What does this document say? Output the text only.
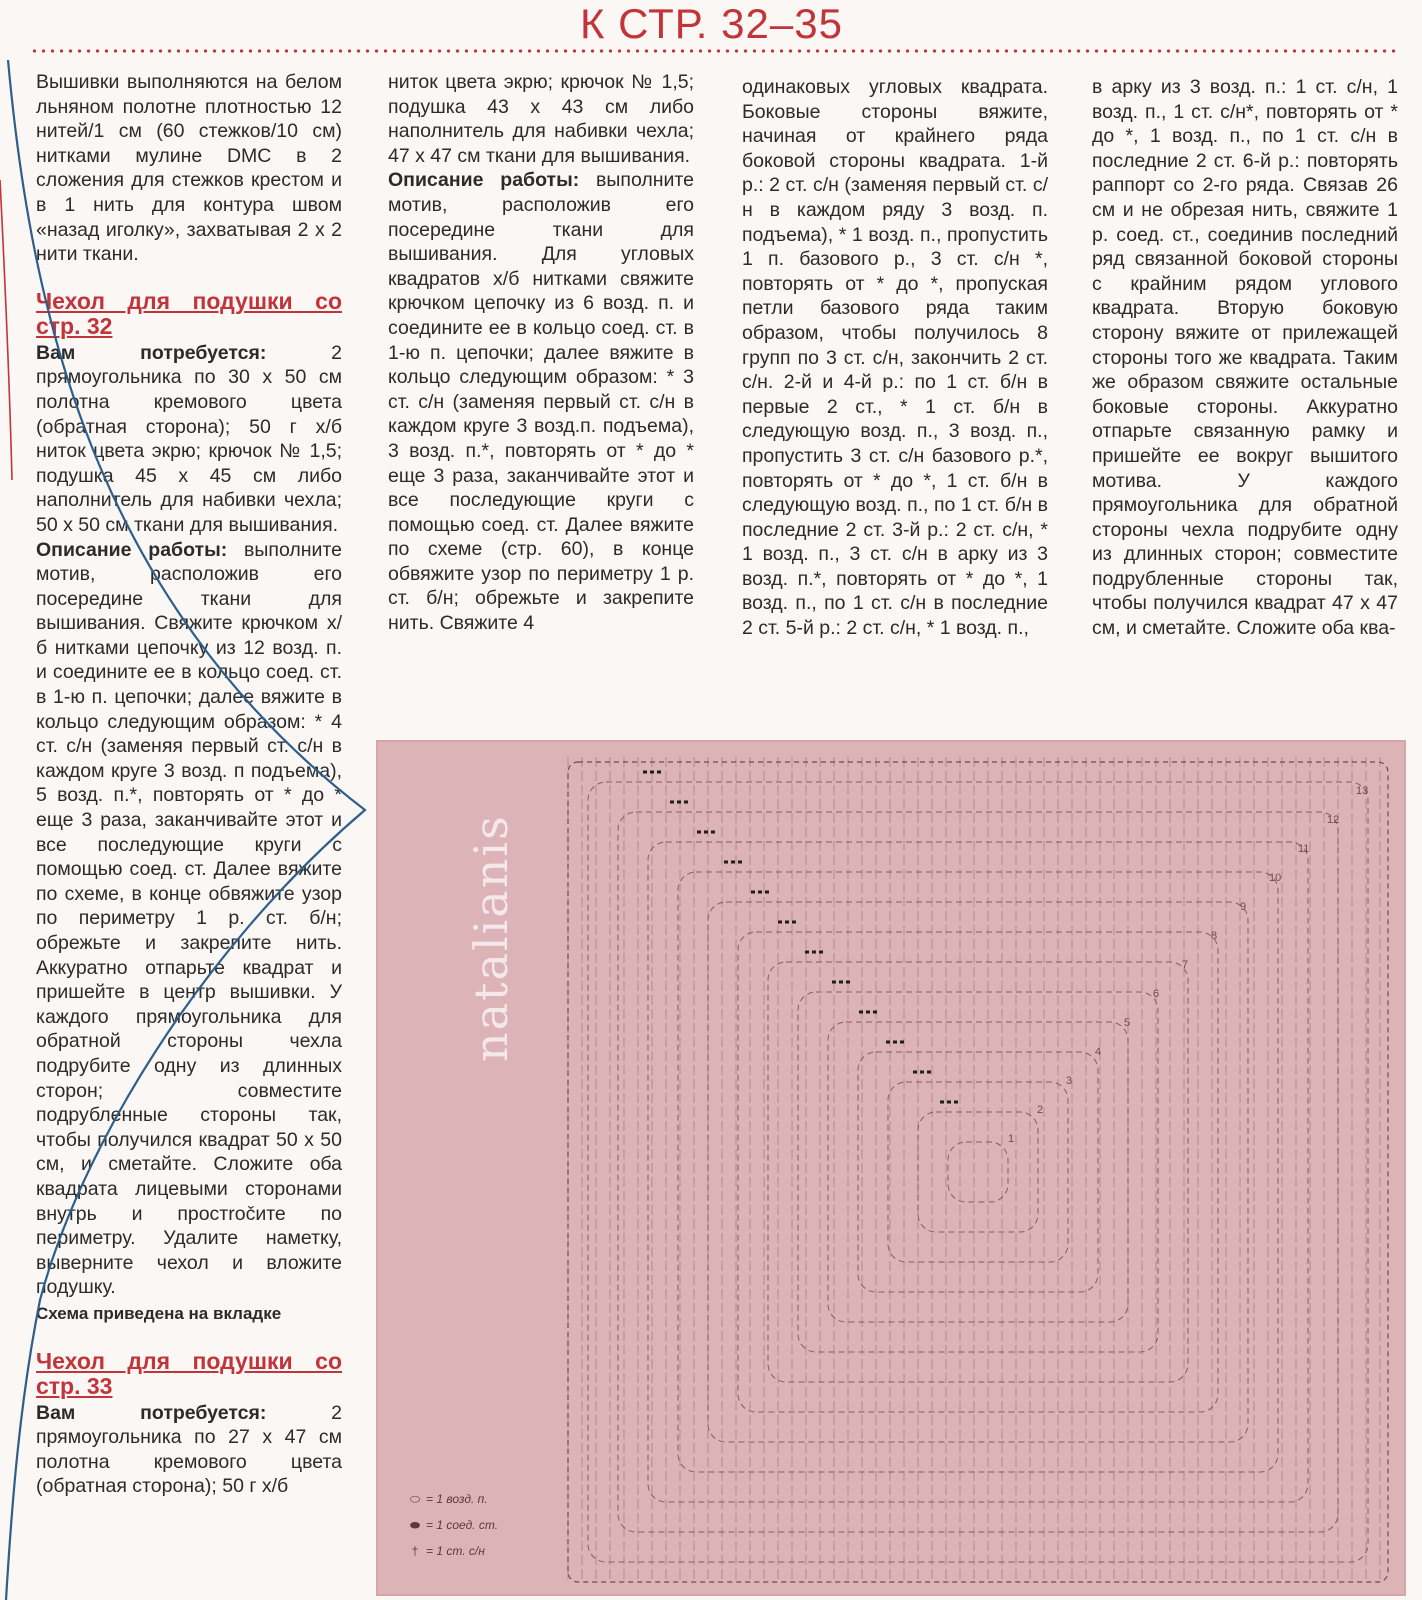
К СТР. 32–35

Вышивки выполняются на белом льняном полотне плотностью 12 нитей/1 см (60 стежков/10 см) нитками мулине DMC в 2 сложения для стежков крестом и в 1 нить для контура швом «назад иголку», захватывая 2 x 2 нити ткани.

Чехол для подушки со стр. 32

Вам потребуется: 2 прямоугольника по 30 x 50 см полотна кремового цвета (обратная сторона); 50 г х/б ниток цвета экрю; крючок № 1,5; подушка 45 x 45 см либо наполнитель для набивки чехла; 50 x 50 см ткани для вышивания.

Описание работы: выполните мотив, расположив его посередине ткани для вышивания. Свяжите крючком х/б нитками цепочку из 12 возд. п. и соедините ее в кольцо соед. ст. в 1-ю п. цепочки; далее вяжите в кольцо следующим образом: * 4 ст. с/н (заменяя первый ст. с/н в каждом круге 3 возд. п подъема), 5 возд. п.*, повторять от * до * еще 3 раза, заканчивайте этот и все последующие круги с помощью соед. ст. Далее вяжите по схеме, в конце обвяжите узор по периметру 1 р. ст. б/н; обрежьте и закрепите нить. Аккуратно отпарьте квадрат и пришейте в центр вышивки. У каждого прямоугольника для обратной стороны чехла подрубите одну из длинных сторон; совместите подрубленные стороны так, чтобы получился квадрат 50 x 50 см, и сметайте. Сложите оба квадрата лицевыми сторонами внутрь и простročите по периметру. Удалите наметку, выверните чехол и вложите подушку.

Схема приведена на вкладке

Чехол для подушки со стр. 33

Вам потребуется: 2 прямоугольника по 27 x 47 см полотна кремового цвета (обратная сторона); 50 г х/б

ниток цвета экрю; крючок № 1,5; подушка 43 x 43 см либо наполнитель для набивки чехла; 47 x 47 см ткани для вышивания.

Описание работы: выполните мотив, расположив его посередине ткани для вышивания. Для угловых квадратов х/б нитками свяжите крючком цепочку из 6 возд. п. и соедините ее в кольцо соед. ст. в 1-ю п. цепочки; далее вяжите в кольцо следующим образом: * 3 ст. с/н (заменяя первый ст. с/н в каждом круге 3 возд.п. подъема), 3 возд. п.*, повторять от * до * еще 3 раза, заканчивайте этот и все последующие круги с помощью соед. ст. Далее вяжите по схеме (стр. 60), в конце обвяжите узор по периметру 1 р. ст. б/н; обрежьте и закрепите нить. Свяжите 4

одинаковых угловых квадрата. Боковые стороны вяжите, начиная от крайнего ряда боковой стороны квадрата. 1-й р.: 2 ст. с/н (заменяя первый ст. с/н в каждом ряду 3 возд. п. подъема), * 1 возд. п., пропустить 1 п. базового р., 3 ст. с/н *, повторять от * до *, пропуская петли базового ряда таким образом, чтобы получилось 8 групп по 3 ст. с/н, закончить 2 ст. с/н. 2-й и 4-й р.: по 1 ст. б/н в первые 2 ст., * 1 ст. б/н в следующую возд. п., 3 возд. п., пропустить 3 ст. с/н базового р.*, повторять от * до *, 1 ст. б/н в следующую возд. п., по 1 ст. б/н в последние 2 ст. 3-й р.: 2 ст. с/н, * 1 возд. п., 3 ст. с/н в арку из 3 возд. п.*, повторять от * до *, 1 возд. п., по 1 ст. с/н в последние 2 ст. 5-й р.: 2 ст. с/н, * 1 возд. п.,

в арку из 3 возд. п.: 1 ст. с/н, 1 возд. п., 1 ст. с/н*, повторять от * до *, 1 возд. п., по 1 ст. с/н в последние 2 ст. 6-й р.: повторять раппорт со 2-го ряда. Связав 26 см и не обрезая нить, свяжите 1 р. соед. ст., соединив последний ряд связанной боковой стороны с крайним рядом углового квадрата. Вторую боковую сторону вяжите от прилежащей стороны того же квадрата. Таким же образом свяжите остальные боковые стороны. Аккуратно отпарьте связанную рамку и пришейте ее вокруг вышитого мотива. У каждого прямоугольника для обратной стороны чехла подрубите одну из длинных сторон; совместите подрубленные стороны так, чтобы получился квадрат 47 x 47 см, и сметайте. Сложите оба ква-

1
2
3
4
5
6
7
8
9
10
11
12
13
natalianis
⬭ = 1 возд. п.
⬬ = 1 соед. ст.
† = 1 ст. с/н
